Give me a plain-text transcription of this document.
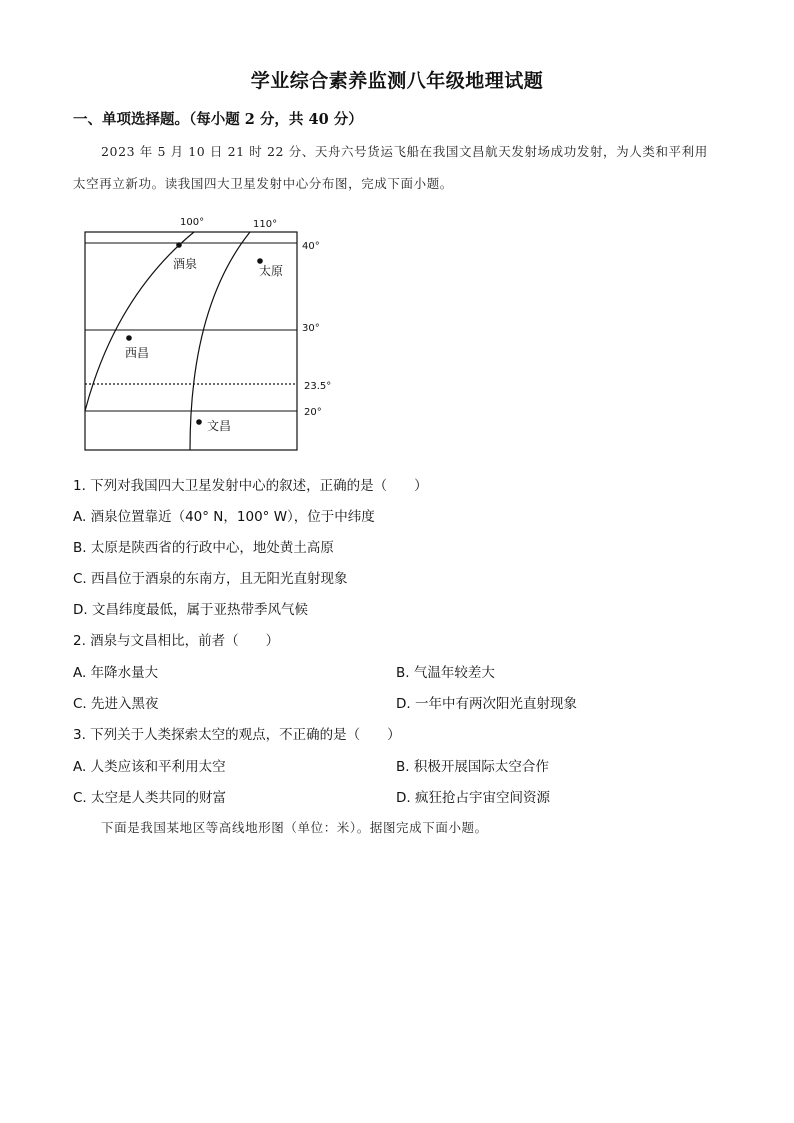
学业综合素养监测八年级地理试题
一、单项选择题。（每小题 2 分，共 40 分）
2023 年 5 月 10 日 21 时 22 分、天舟六号货运飞船在我国文昌航天发射场成功发射，为人类和平利用
太空再立新功。读我国四大卫星发射中心分布图，完成下面小题。
100°	110°
40°
30°
23.5°
20°
酒泉	太原
西昌
文昌
1. 下列对我国四大卫星发射中心的叙述，正确的是（　　）
A. 酒泉位置靠近（40° N，100° W），位于中纬度
B. 太原是陕西省的行政中心，地处黄土高原
C. 西昌位于酒泉的东南方，且无阳光直射现象
D. 文昌纬度最低，属于亚热带季风气候
2. 酒泉与文昌相比，前者（　　）
A. 年降水量大	B. 气温年较差大
C. 先进入黑夜	D. 一年中有两次阳光直射现象
3. 下列关于人类探索太空的观点，不正确的是（　　）
A. 人类应该和平利用太空	B. 积极开展国际太空合作
C. 太空是人类共同的财富	D. 疯狂抢占宇宙空间资源
下面是我国某地区等高线地形图（单位：米）。据图完成下面小题。
